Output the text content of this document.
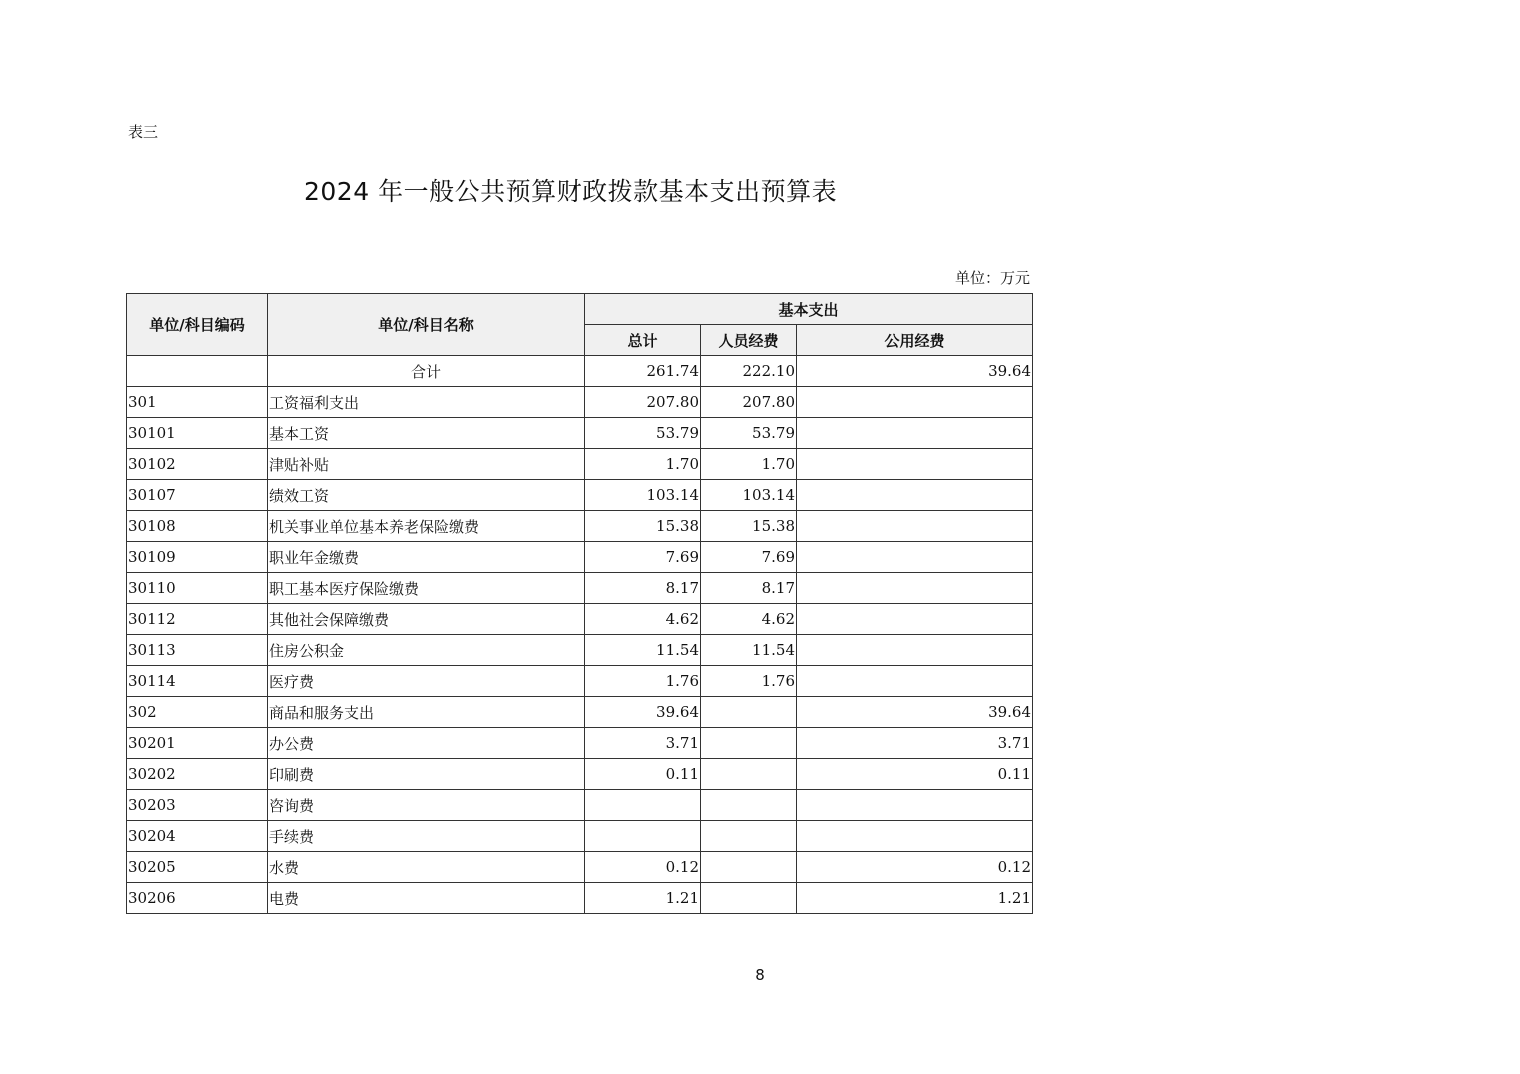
表三
2024 年一般公共预算财政拨款基本支出预算表
单位：万元
单位/科目编码	单位/科目名称	基本支出		
		总计	人员经费	公用经费
	合计	261.74	222.10	39.64
301	工资福利支出	207.80	207.80	
30101	基本工资	53.79	53.79	
30102	津贴补贴	1.70	1.70	
30107	绩效工资	103.14	103.14	
30108	机关事业单位基本养老保险缴费	15.38	15.38	
30109	职业年金缴费	7.69	7.69	
30110	职工基本医疗保险缴费	8.17	8.17	
30112	其他社会保障缴费	4.62	4.62	
30113	住房公积金	11.54	11.54	
30114	医疗费	1.76	1.76	
302	商品和服务支出	39.64		39.64
30201	办公费	3.71		3.71
30202	印刷费	0.11		0.11
30203	咨询费			
30204	手续费			
30205	水费	0.12		0.12
30206	电费	1.21		1.21
8
